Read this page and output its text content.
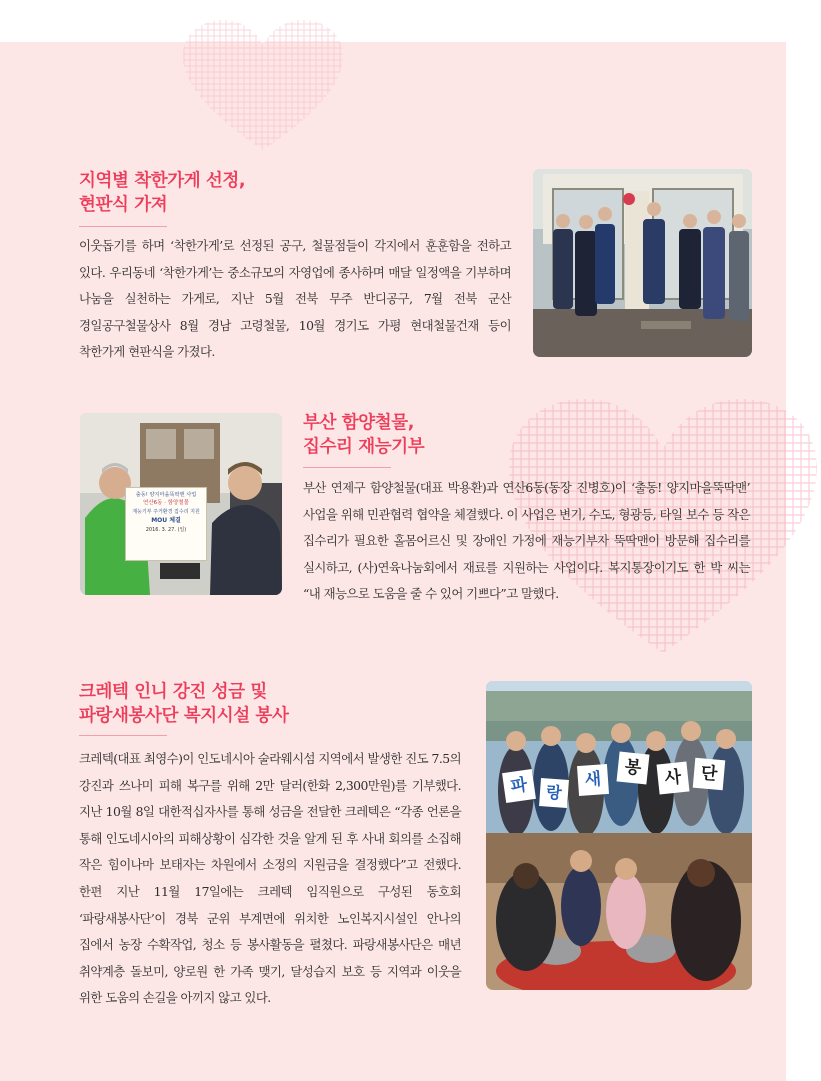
지역별 착한가게 선정,
현판식 가져

이웃돕기를 하며 ‘착한가게’로 선정된 공구, 철물점들이 각지에서 훈훈함을 전하고 있다. 우리동네 ‘착한가게’는 중소규모의 자영업에 종사하며 매달 일정액을 기부하며 나눔을 실천하는 가게로, 지난 5월 전북 무주 반디공구, 7월 전북 군산 경일공구철물상사 8월 경남 고령철물, 10월 경기도 가평 현대철물건재 등이 착한가게 현판식을 가졌다.

부산 함양철물,
집수리 재능기부

부산 연제구 함양철물(대표 박용환)과 연산6동(동장 진병호)이 ‘출동! 양지마을뚝딱맨’ 사업을 위해 민관협력 협약을 체결했다. 이 사업은 변기, 수도, 형광등, 타일 보수 등 작은 집수리가 필요한 홀몸어르신 및 장애인 가정에 재능기부자 뚝딱맨이 방문해 집수리를 실시하고, (사)연육나눔회에서 재료를 지원하는 사업이다. 복지통장이기도 한 박 씨는 “내 재능으로 도움을 줄 수 있어 기쁘다”고 말했다.

출동! 양지마을뚝딱맨 사업
연산6동 · 함양철물
재능기부 주거환경 집수리 지원
MOU 체결
2016. 3. 27. (일)
크레텍 인니 강진 성금 및
파랑새봉사단 복지시설 봉사

크레텍(대표 최영수)이 인도네시아 술라웨시섬 지역에서 발생한 진도 7.5의 강진과 쓰나미 피해 복구를 위해 2만 달러(한화 2,300만원)를 기부했다. 지난 10월 8일 대한적십자사를 통해 성금을 전달한 크레텍은 “각종 언론을 통해 인도네시아의 피해상황이 심각한 것을 알게 된 후 사내 회의를 소집해 작은 힘이나마 보태자는 차원에서 소정의 지원금을 결정했다”고 전했다. 한편 지난 11월 17일에는 크레텍 임직원으로 구성된 동호회 ‘파랑새봉사단’이 경북 군위 부계면에 위치한 노인복지시설인 안나의 집에서 농장 수확작업, 청소 등 봉사활동을 펼쳤다. 파랑새봉사단은 매년 취약계층 돌보미, 양로원 한 가족 맺기, 달성습지 보호 등 지역과 이웃을 위한 도움의 손길을 아끼지 않고 있다.

파	랑
새
봉	사	단
